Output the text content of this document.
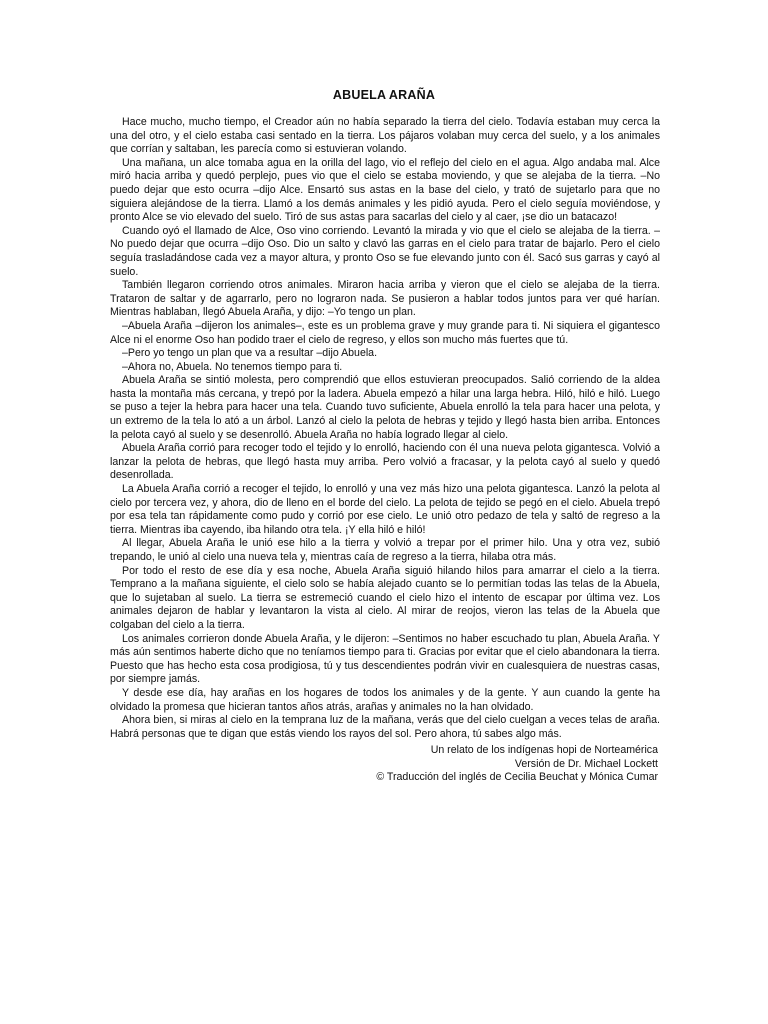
ABUELA ARAÑA

Hace mucho, mucho tiempo, el Creador aún no había separado la tierra del cielo. Todavía estaban muy cerca la una del otro, y el cielo estaba casi sentado en la tierra. Los pájaros volaban muy cerca del suelo, y a los animales que corrían y saltaban, les parecía como si estuvieran volando.

Una mañana, un alce tomaba agua en la orilla del lago, vio el reflejo del cielo en el agua. Algo andaba mal. Alce miró hacia arriba y quedó perplejo, pues vio que el cielo se estaba moviendo, y que se alejaba de la tierra. –No puedo dejar que esto ocurra –dijo Alce. Ensartó sus astas en la base del cielo, y trató de sujetarlo para que no siguiera alejándose de la tierra. Llamó a los demás animales y les pidió ayuda. Pero el cielo seguía moviéndose, y pronto Alce se vio elevado del suelo. Tiró de sus astas para sacarlas del cielo y al caer, ¡se dio un batacazo!

Cuando oyó el llamado de Alce, Oso vino corriendo. Levantó la mirada y vio que el cielo se alejaba de la tierra. –No puedo dejar que ocurra –dijo Oso. Dio un salto y clavó las garras en el cielo para tratar de bajarlo. Pero el cielo seguía trasladándose cada vez a mayor altura, y pronto Oso se fue elevando junto con él. Sacó sus garras y cayó al suelo.

También llegaron corriendo otros animales. Miraron hacia arriba y vieron que el cielo se alejaba de la tierra. Trataron de saltar y de agarrarlo, pero no lograron nada. Se pusieron a hablar todos juntos para ver qué harían. Mientras hablaban, llegó Abuela Araña, y dijo: –Yo tengo un plan.

–Abuela Araña –dijeron los animales–, este es un problema grave y muy grande para ti. Ni siquiera el gigantesco Alce ni el enorme Oso han podido traer el cielo de regreso, y ellos son mucho más fuertes que tú.

–Pero yo tengo un plan que va a resultar –dijo Abuela.

–Ahora no, Abuela. No tenemos tiempo para ti.

Abuela Araña se sintió molesta, pero comprendió que ellos estuvieran preocupados. Salió corriendo de la aldea hasta la montaña más cercana, y trepó por la ladera. Abuela empezó a hilar una larga hebra. Hiló, hiló e hiló. Luego se puso a tejer la hebra para hacer una tela. Cuando tuvo suficiente, Abuela enrolló la tela para hacer una pelota, y un extremo de la tela lo ató a un árbol. Lanzó al cielo la pelota de hebras y tejido y llegó hasta bien arriba. Entonces la pelota cayó al suelo y se desenrolló. Abuela Araña no había logrado llegar al cielo.

Abuela Araña corrió para recoger todo el tejido y lo enrolló, haciendo con él una nueva pelota gigantesca. Volvió a lanzar la pelota de hebras, que llegó hasta muy arriba. Pero volvió a fracasar, y la pelota cayó al suelo y quedó desenrollada.

La Abuela Araña corrió a recoger el tejido, lo enrolló y una vez más hizo una pelota gigantesca. Lanzó la pelota al cielo por tercera vez, y ahora, dio de lleno en el borde del cielo. La pelota de tejido se pegó en el cielo. Abuela trepó por esa tela tan rápidamente como pudo y corrió por ese cielo. Le unió otro pedazo de tela y saltó de regreso a la tierra. Mientras iba cayendo, iba hilando otra tela. ¡Y ella hiló e hiló!

Al llegar, Abuela Araña le unió ese hilo a la tierra y volvió a trepar por el primer hilo. Una y otra vez, subió trepando, le unió al cielo una nueva tela y, mientras caía de regreso a la tierra, hilaba otra más.

Por todo el resto de ese día y esa noche, Abuela Araña siguió hilando hilos para amarrar el cielo a la tierra. Temprano a la mañana siguiente, el cielo solo se había alejado cuanto se lo permitían todas las telas de la Abuela, que lo sujetaban al suelo. La tierra se estremeció cuando el cielo hizo el intento de escapar por última vez. Los animales dejaron de hablar y levantaron la vista al cielo. Al mirar de reojos, vieron las telas de la Abuela que colgaban del cielo a la tierra.

Los animales corrieron donde Abuela Araña, y le dijeron: –Sentimos no haber escuchado tu plan, Abuela Araña. Y más aún sentimos haberte dicho que no teníamos tiempo para ti. Gracias por evitar que el cielo abandonara la tierra. Puesto que has hecho esta cosa prodigiosa, tú y tus descendientes podrán vivir en cualesquiera de nuestras casas, por siempre jamás.

Y desde ese día, hay arañas en los hogares de todos los animales y de la gente. Y aun cuando la gente ha olvidado la promesa que hicieran tantos años atrás, arañas y animales no la han olvidado.

Ahora bien, si miras al cielo en la temprana luz de la mañana, verás que del cielo cuelgan a veces telas de araña. Habrá personas que te digan que estás viendo los rayos del sol. Pero ahora, tú sabes algo más.

Un relato de los indígenas hopi de Norteamérica
Versión de Dr. Michael Lockett
© Traducción del inglés de Cecilia Beuchat y Mónica Cumar
